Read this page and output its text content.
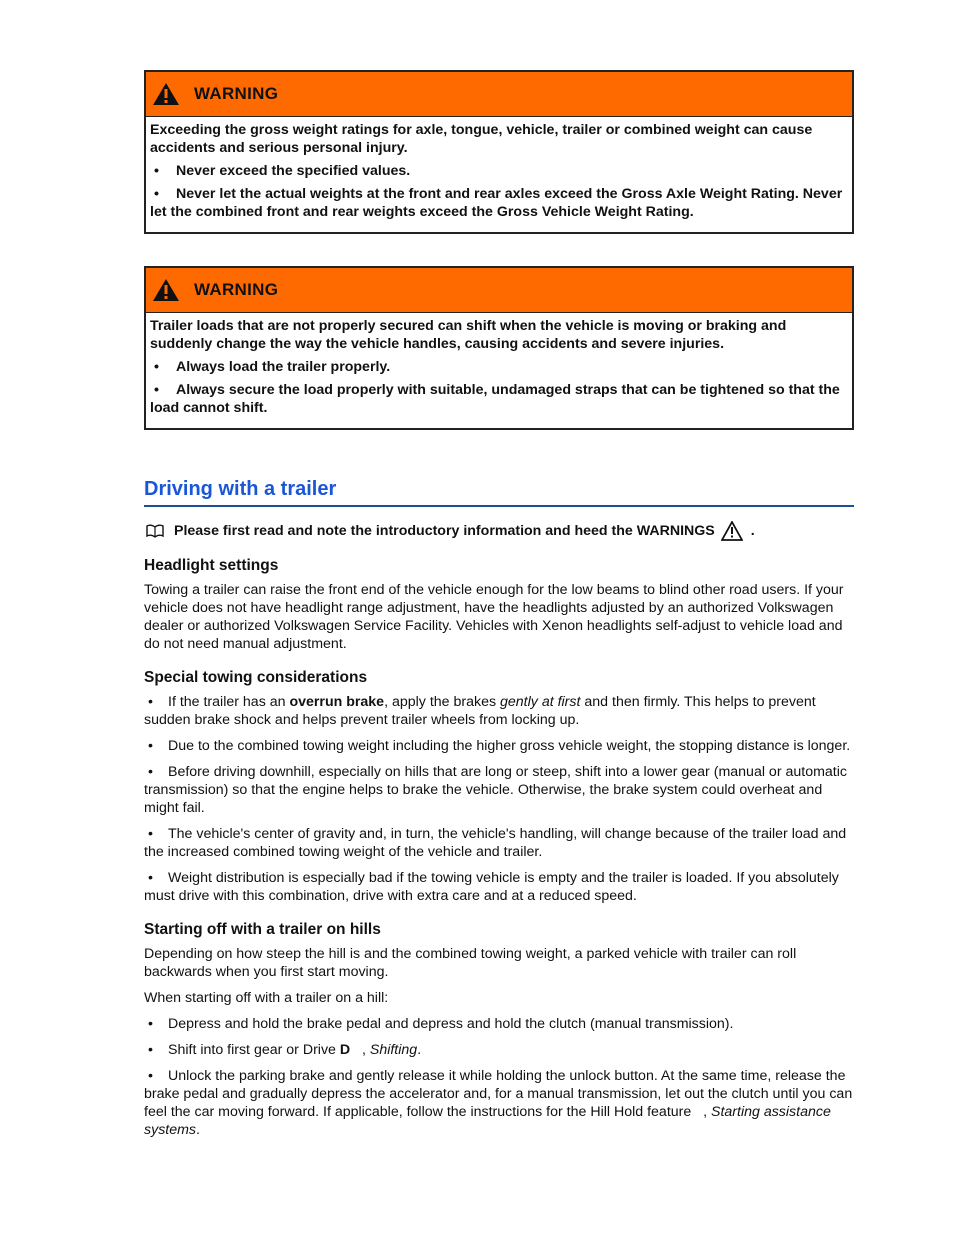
WARNING

Exceeding the gross weight ratings for axle, tongue, vehicle, trailer or combined weight can cause accidents and serious personal injury.

• Never exceed the specified values.
• Never let the actual weights at the front and rear axles exceed the Gross Axle Weight Rating. Never let the combined front and rear weights exceed the Gross Vehicle Weight Rating.
WARNING

Trailer loads that are not properly secured can shift when the vehicle is moving or braking and suddenly change the way the vehicle handles, causing accidents and severe injuries.

• Always load the trailer properly.
• Always secure the load properly with suitable, undamaged straps that can be tightened so that the load cannot shift.
Driving with a trailer
Please first read and note the introductory information and heed the WARNINGS	.
Headlight settings

Towing a trailer can raise the front end of the vehicle enough for the low beams to blind other road users. If your vehicle does not have headlight range adjustment, have the headlights adjusted by an authorized Volkswagen dealer or authorized Volkswagen Service Facility. Vehicles with Xenon headlights self-adjust to vehicle load and do not need manual adjustment.

Special towing considerations
• If the trailer has an overrun brake, apply the brakes gently at first and then firmly. This helps to prevent sudden brake shock and helps prevent trailer wheels from locking up.
• Due to the combined towing weight including the higher gross vehicle weight, the stopping distance is longer.
• Before driving downhill, especially on hills that are long or steep, shift into a lower gear (manual or automatic transmission) so that the engine helps to brake the vehicle. Otherwise, the brake system could overheat and might fail.
• The vehicle's center of gravity and, in turn, the vehicle's handling, will change because of the trailer load and the increased combined towing weight of the vehicle and trailer.
• Weight distribution is especially bad if the towing vehicle is empty and the trailer is loaded. If you absolutely must drive with this combination, drive with extra care and at a reduced speed.
Starting off with a trailer on hills

Depending on how steep the hill is and the combined towing weight, a parked vehicle with trailer can roll backwards when you first start moving.

When starting off with a trailer on a hill:

• Depress and hold the brake pedal and depress and hold the clutch (manual transmission).
• Shift into first gear or Drive D   , Shifting.
• Unlock the parking brake and gently release it while holding the unlock button. At the same time, release the brake pedal and gradually depress the accelerator and, for a manual transmission, let out the clutch until you can feel the car moving forward. If applicable, follow the instructions for the Hill Hold feature   , Starting assistance systems.
